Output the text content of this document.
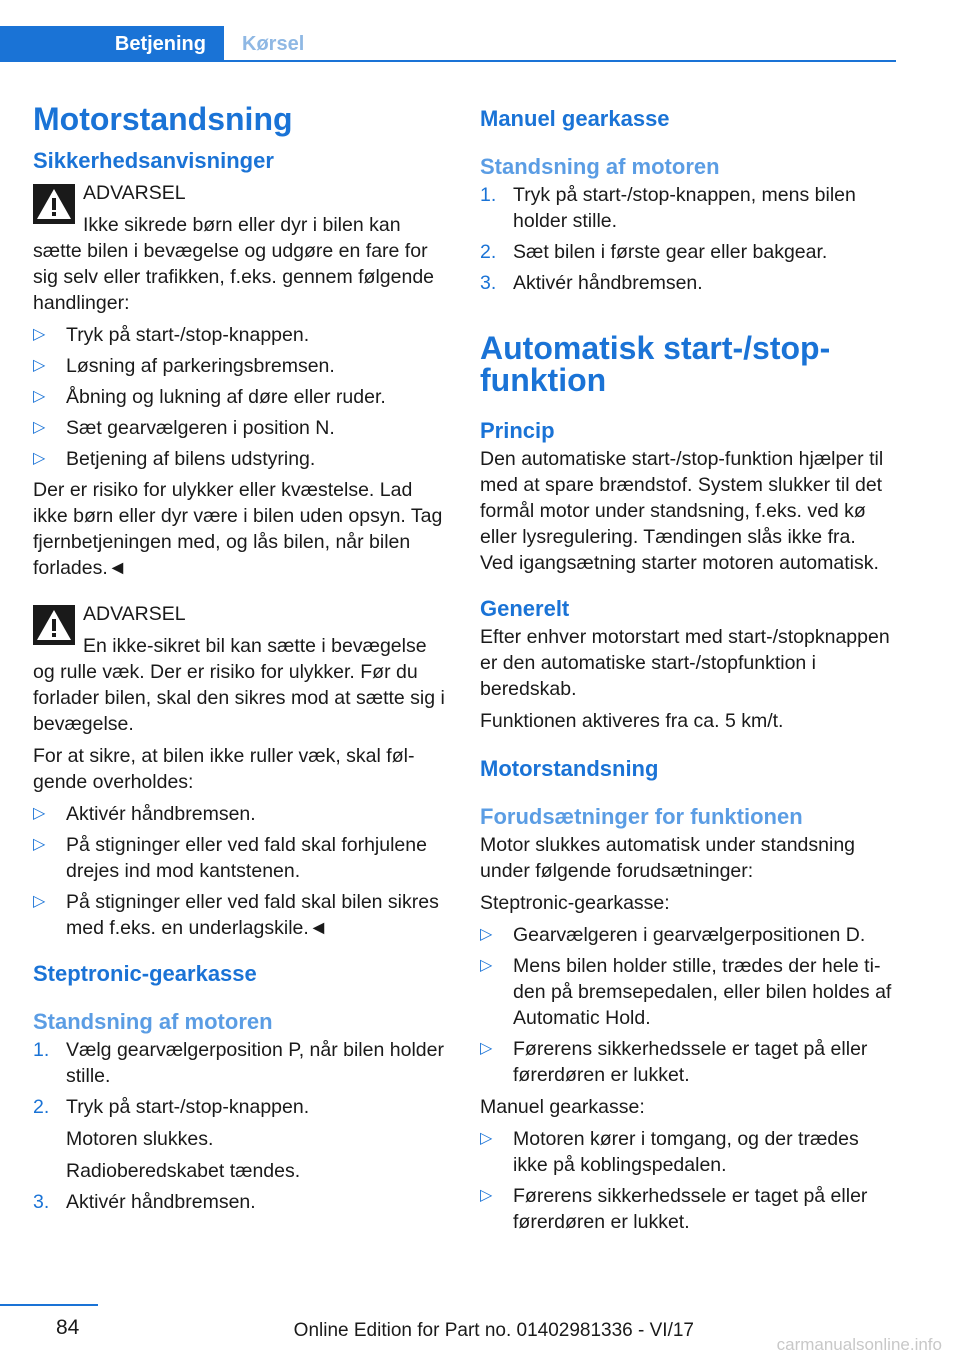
Betjening	Kørsel
Motorstandsning
Sikkerhedsanvisninger
ADVARSEL

Ikke sikrede børn eller dyr i bilen kan sætte bilen i bevægelse og udgøre en fare for sig selv eller trafikken, f.eks. gennem følgende handlinger:

▷ Tryk på start-/stop-knappen.
▷ Løsning af parkeringsbremsen.
▷ Åbning og lukning af døre eller ruder.
▷ Sæt gearvælgeren i position N.
▷ Betjening af bilens udstyring.

Der er risiko for ulykker eller kvæstelse. Lad ikke børn eller dyr være i bilen uden opsyn. Tag fjernbetjeningen med, og lås bilen, når bilen forlades.◄

ADVARSEL

En ikke-sikret bil kan sætte i bevægelse og rulle væk. Der er risiko for ulykker. Før du forlader bilen, skal den sikres mod at sætte sig i bevægelse.

For at sikre, at bilen ikke ruller væk, skal følgende overholdes:

▷ Aktivér håndbremsen.
▷ På stigninger eller ved fald skal forhjulene drejes ind mod kantstenen.
▷ På stigninger eller ved fald skal bilen sikres med f.eks. en underlagskile.◄
Steptronic-gearkasse
Standsning af motoren
1. Vælg gearvælgerposition P, når bilen holder stille.
2. Tryk på start-/stop-knappen.
Motoren slukkes.
Radioberedskabet tændes.
3. Aktivér håndbremsen.
Manuel gearkasse
Standsning af motoren
1. Tryk på start-/stop-knappen, mens bilen holder stille.
2. Sæt bilen i første gear eller bakgear.
3. Aktivér håndbremsen.
Automatisk start-/stop-funktion
Princip

Den automatiske start-/stop-funktion hjælper til med at spare brændstof. System slukker til det formål motor under standsning, f.eks. ved kø eller lysregulering. Tændingen slås ikke fra. Ved igangsætning starter motoren automatisk.

Generelt

Efter enhver motorstart med start-/stopknappen er den automatiske start-/stopfunktion i beredskab.

Funktionen aktiveres fra ca. 5 km/t.

Motorstandsning
Forudsætninger for funktionen

Motor slukkes automatisk under standsning under følgende forudsætninger:

Steptronic-gearkasse:

▷ Gearvælgeren i gearvælgerpositionen D.
▷ Mens bilen holder stille, trædes der hele tiden på bremsepedalen, eller bilen holdes af Automatic Hold.
▷ Førerens sikkerhedssele er taget på eller førerdøren er lukket.

Manuel gearkasse:

▷ Motoren kører i tomgang, og der trædes ikke på koblingspedalen.
▷ Førerens sikkerhedssele er taget på eller førerdøren er lukket.
84	Online Edition for Part no. 01402981336 - VI/17
carmanualsonline.info
